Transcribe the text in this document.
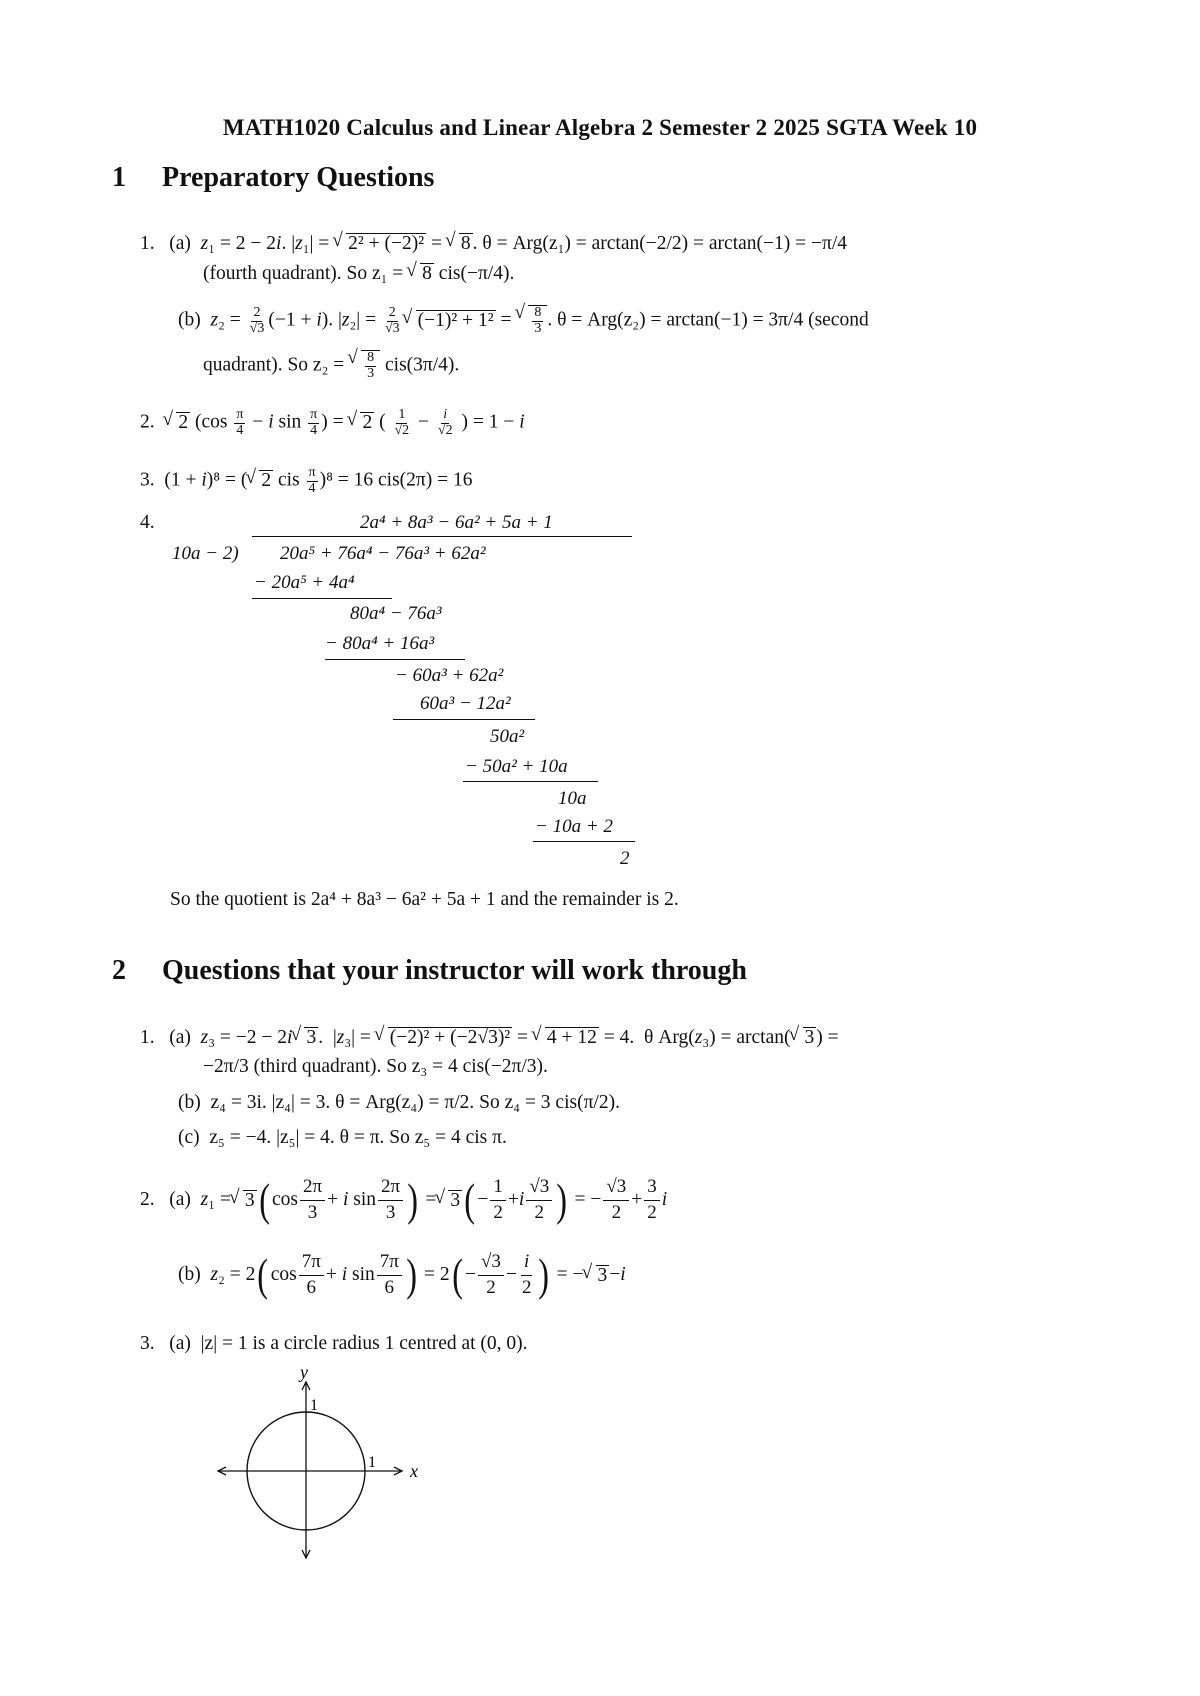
MATH1020 Calculus and Linear Algebra 2 Semester 2 2025 SGTA Week 10
1 Preparatory Questions
1. (a) z₁ = 2 − 2i. |z₁| = √ 2² + (−2)² = √ 8 . θ = Arg(z₁) = arctan(−2/2) = arctan(−1) = −π/4
(fourth quadrant). So z₁ = √ 8 cis(−π/4).
(b) $z_2 = \frac{2}{√3} (-1 + i)$. $|z_2| = \frac{2}{√3}$ √ (−1)² + 1² = √ $\frac{8}{3}$ . θ = Arg(z₂) = arctan(−1) = 3π/4 (second
quadrant). So z₂ = √ $\frac{8}{3} cis(3\pi/4)$.
2. √ 2 ($\cos \frac{\pi}{4} - i$ $\sin \frac{\pi}{4}$ ) = √ 2 ( $\frac{1}{√2} - \frac{i}{√2}$ ) = 1 − i
3.  (1 + i)⁸ = ( √ 2 cis $\frac{\pi}{4} )^8 = 16$ cis(2π) = 16
4.	2a⁴ + 8a³ − 6a² + 5a + 1
10a − 2) 20a⁵ + 76a⁴ − 76a³ + 62a²
− 20a⁵ + 4a⁴
80a⁴ − 76a³
− 80a⁴ + 16a³
− 60a³ + 62a²
60a³ − 12a²
50a²
− 50a² + 10a
10a
− 10a + 2
2
So the quotient is 2a⁴ + 8a³ − 6a² + 5a + 1 and the remainder is 2.
2 Questions that your instructor will work through
1. (a) z₃ = −2 − 2i √ 3 .  |z₃| = √ (−2)² + (−2√3)² = √ 4 + 12 = 4.  θ Arg(z₃) = arctan( √ 3 ) =
−2π/3 (third quadrant). So z₃ = 4 cis(−2π/3).
(b) z₄ = 3i. |z₄| = 3. θ = Arg(z₄) = π/2. So z₄ = 3 cis(π/2).
(c) z₅ = −4. |z₅| = 4. θ = π. So z₅ = 4 cis π.
2.
(a)
z ₁ = √ 3 ( cos
2π
3
+ i sin
2π
3 ) = √ 3 ( −
1
2
+ i
√3
2 ) = −
√3
2
+
3
2
i
(b)
z ₂ = 2 ( cos
7π
6
+ i sin
7π
6 ) = 2 ( −
√3
2
−
i
2 ) = − √ 3 − i
3. (a) |z| = 1 is a circle radius 1 centred at (0, 0).
x
y
1
1
